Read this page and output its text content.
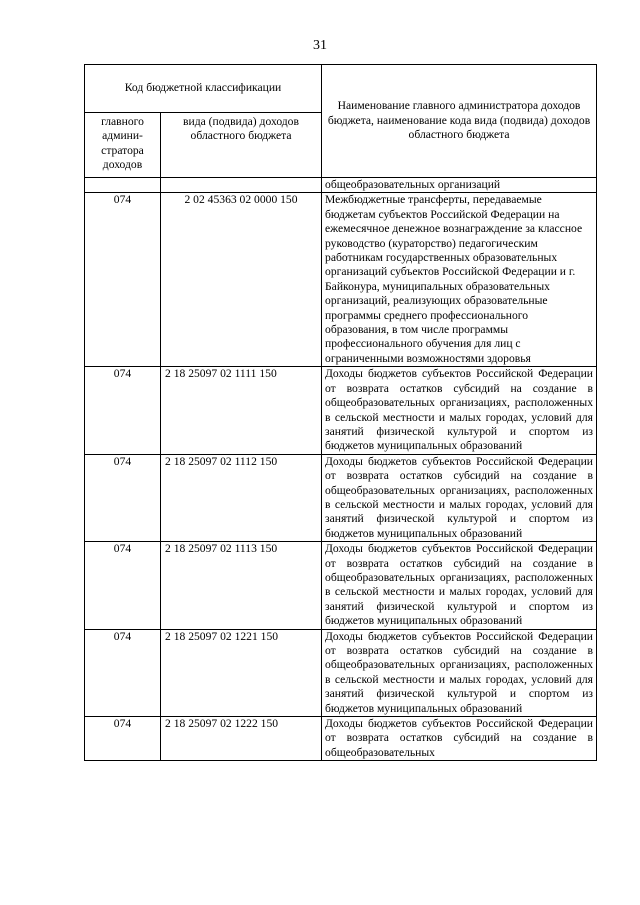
31
Код бюджетной классификации		Наименование главного администратора доходов бюджета, наименование кода вида (подвида) доходов областного бюджета
главного админи-стратора доходов	вида (подвида) доходов областного бюджета	
		общеобразовательных организаций
074	2 02 45363 02 0000 150	Межбюджетные трансферты, передаваемые бюджетам субъектов Российской Федерации на ежемесячное денежное вознаграждение за классное руководство (кураторство) педагогическим работникам государственных образовательных организаций субъектов Российской Федерации и г. Байконура, муниципальных образовательных организаций, реализующих образовательные программы среднего профессионального образования, в том числе программы профессионального обучения для лиц с ограниченными возможностями здоровья
074	2 18 25097 02 1111 150	Доходы бюджетов субъектов Российской Федерации от возврата остатков субсидий на создание в общеобразовательных организациях, расположенных в сельской местности и малых городах, условий для занятий физической культурой и спортом из бюджетов муниципальных образований
074	2 18 25097 02 1112 150	Доходы бюджетов субъектов Российской Федерации от возврата остатков субсидий на создание в общеобразовательных организациях, расположенных в сельской местности и малых городах, условий для занятий физической культурой и спортом из бюджетов муниципальных образований
074	2 18 25097 02 1113 150	Доходы бюджетов субъектов Российской Федерации от возврата остатков субсидий на создание в общеобразовательных организациях, расположенных в сельской местности и малых городах, условий для занятий физической культурой и спортом из бюджетов муниципальных образований
074	2 18 25097 02 1221 150	Доходы бюджетов субъектов Российской Федерации от возврата остатков субсидий на создание в общеобразовательных организациях, расположенных в сельской местности и малых городах, условий для занятий физической культурой и спортом из бюджетов муниципальных образований
074	2 18 25097 02 1222 150	Доходы бюджетов субъектов Российской Федерации от возврата остатков субсидий на создание в общеобразовательных
